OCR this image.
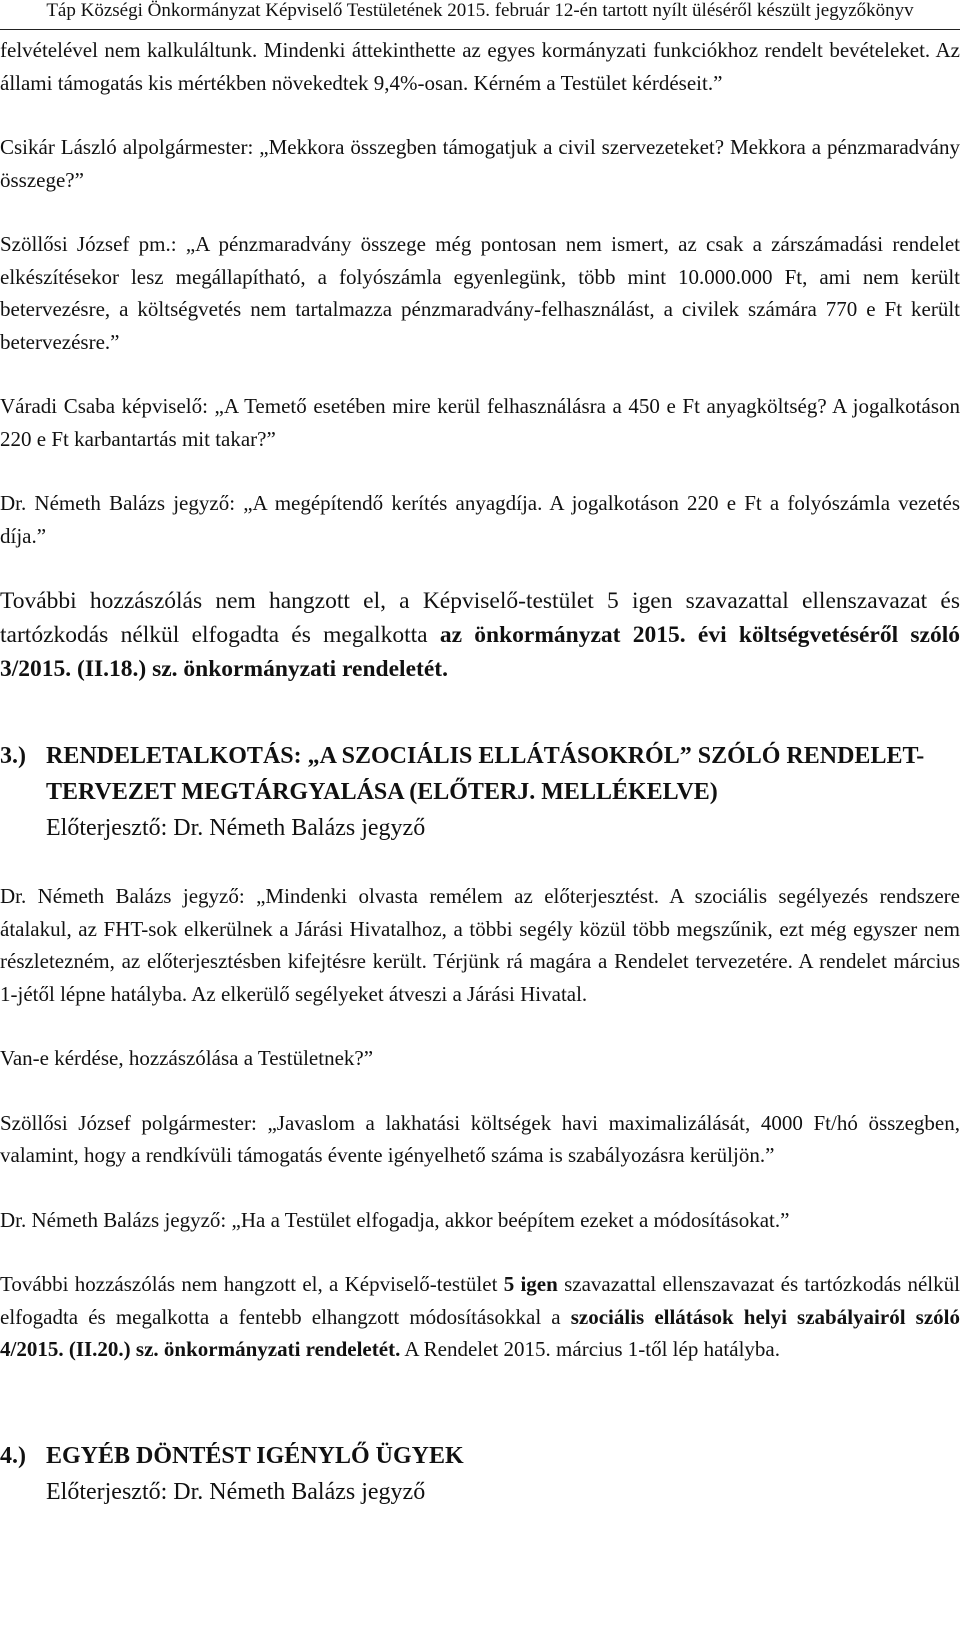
Táp Községi Önkormányzat Képviselő Testületének 2015. február 12-én tartott nyílt üléséről készült jegyzőkönyv

felvételével nem kalkuláltunk. Mindenki áttekinthette az egyes kormányzati funkciókhoz rendelt bevételeket. Az állami támogatás kis mértékben növekedtek 9,4%-osan. Kérném a Testület kérdéseit.”

Csikár László alpolgármester: „Mekkora összegben támogatjuk a civil szervezeteket? Mekkora a pénzmaradvány összege?”

Szöllősi József pm.: „A pénzmaradvány összege még pontosan nem ismert, az csak a zárszámadási rendelet elkészítésekor lesz megállapítható, a folyószámla egyenlegünk, több mint 10.000.000 Ft, ami nem került betervezésre, a költségvetés nem tartalmazza pénzmaradvány-felhasználást, a civilek számára 770 e Ft került betervezésre.”

Váradi Csaba képviselő: „A Temető esetében mire kerül felhasználásra a 450 e Ft anyagköltség? A jogalkotáson 220 e Ft karbantartás mit takar?”

Dr. Németh Balázs jegyző: „A megépítendő kerítés anyagdíja. A jogalkotáson 220 e Ft a folyószámla vezetés díja.”

További hozzászólás nem hangzott el, a Képviselő-testület 5 igen szavazattal ellenszavazat és tartózkodás nélkül elfogadta és megalkotta az önkormányzat 2015. évi költségvetéséről szóló 3/2015. (II.18.) sz. önkormányzati rendeletét.

3.) RENDELETALKOTÁS: „A SZOCIÁLIS ELLÁTÁSOKRÓL” SZÓLÓ RENDELET-TERVEZET MEGTÁRGYALÁSA (ELŐTERJ. MELLÉKELVE)
Előterjesztő: Dr. Németh Balázs jegyző

Dr. Németh Balázs jegyző: „Mindenki olvasta remélem az előterjesztést. A szociális segélyezés rendszere átalakul, az FHT-sok elkerülnek a Járási Hivatalhoz, a többi segély közül több megszűnik, ezt még egyszer nem részletezném, az előterjesztésben kifejtésre került. Térjünk rá magára a Rendelet tervezetére. A rendelet március 1-jétől lépne hatályba. Az elkerülő segélyeket átveszi a Járási Hivatal.

Van-e kérdése, hozzászólása a Testületnek?”

Szöllősi József polgármester: „Javaslom a lakhatási költségek havi maximalizálását, 4000 Ft/hó összegben, valamint, hogy a rendkívüli támogatás évente igényelhető száma is szabályozásra kerüljön.”

Dr. Németh Balázs jegyző: „Ha a Testület elfogadja, akkor beépítem ezeket a módosításokat.”

További hozzászólás nem hangzott el, a Képviselő-testület 5 igen szavazattal ellenszavazat és tartózkodás nélkül elfogadta és megalkotta a fentebb elhangzott módosításokkal a szociális ellátások helyi szabályairól szóló 4/2015. (II.20.) sz. önkormányzati rendeletét. A Rendelet 2015. március 1-től lép hatályba.

4.) EGYÉB DÖNTÉST IGÉNYLŐ ÜGYEK
Előterjesztő: Dr. Németh Balázs jegyző
